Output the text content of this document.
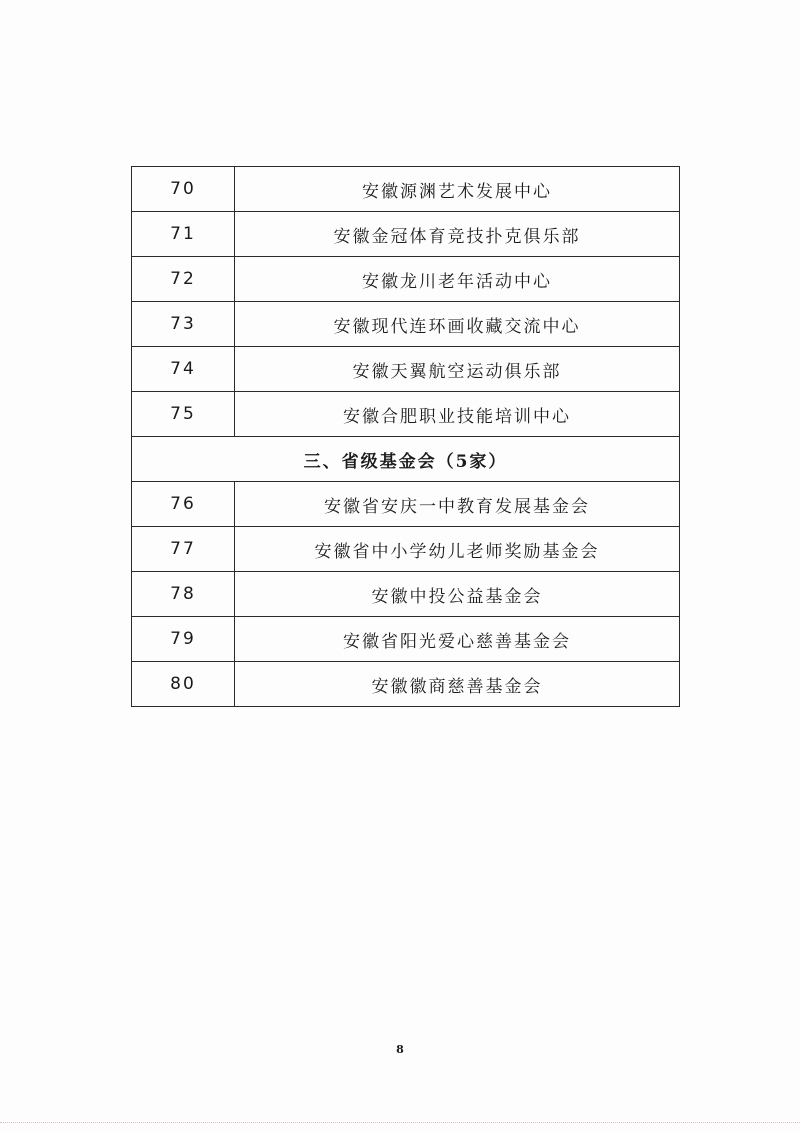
70	安徽源渊艺术发展中心
71	安徽金冠体育竞技扑克俱乐部
72	安徽龙川老年活动中心
73	安徽现代连环画收藏交流中心
74	安徽天翼航空运动俱乐部
75	安徽合肥职业技能培训中心
三、省级基金会（5家）	
76	安徽省安庆一中教育发展基金会
77	安徽省中小学幼儿老师奖励基金会
78	安徽中投公益基金会
79	安徽省阳光爱心慈善基金会
80	安徽徽商慈善基金会
8
